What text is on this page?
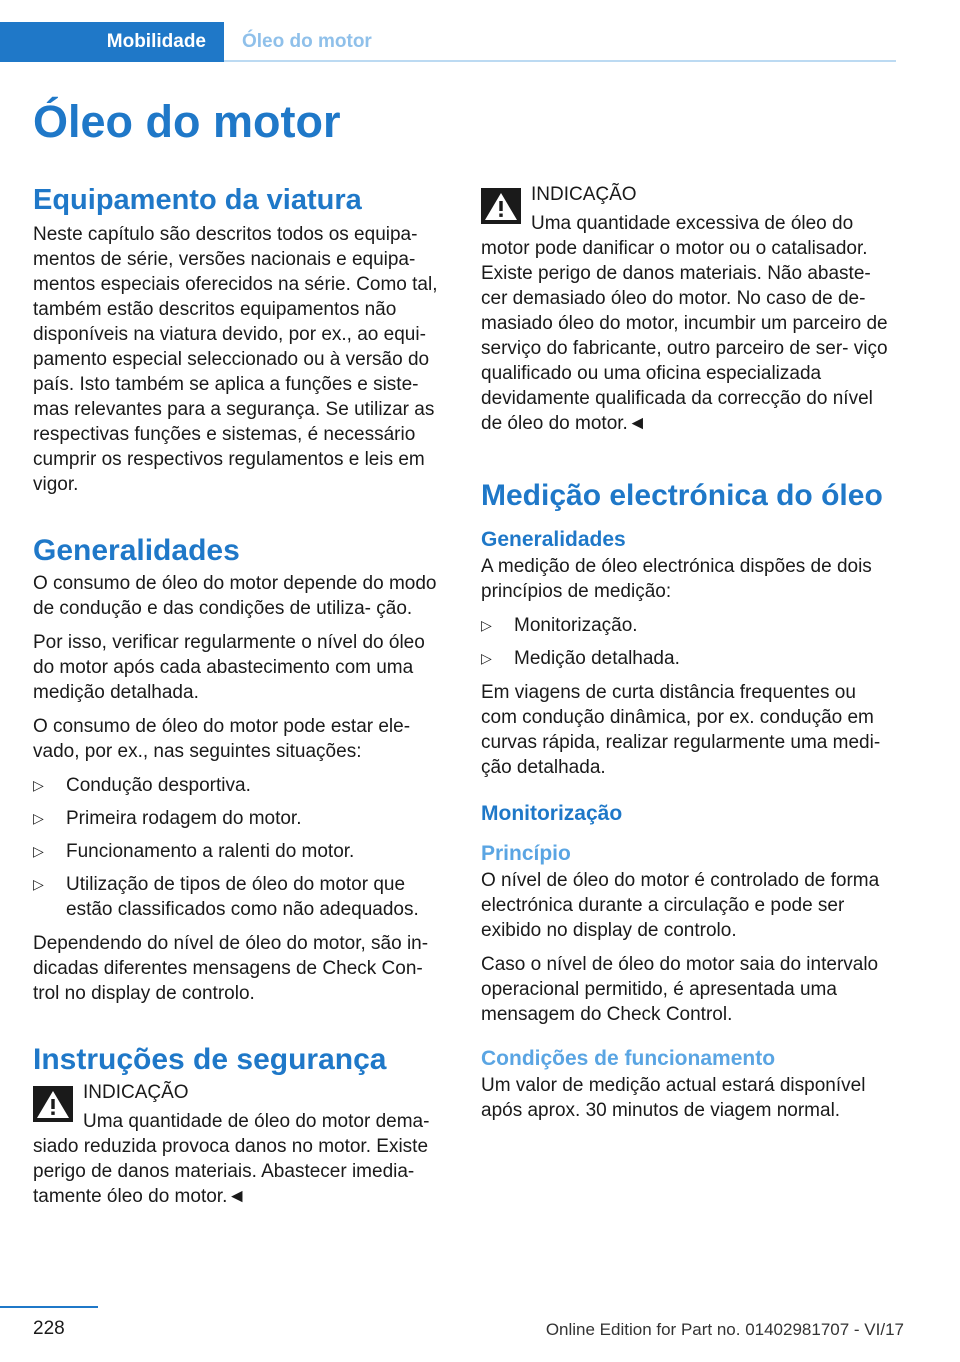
Mobilidade	Óleo do motor
Óleo do motor
Equipamento da viatura

Neste capítulo são descritos todos os equipa- mentos de série, versões nacionais e equipa- mentos especiais oferecidos na série. Como tal, também estão descritos equipamentos não disponíveis na viatura devido, por ex., ao equi- pamento especial seleccionado ou à versão do país. Isto também se aplica a funções e siste- mas relevantes para a segurança. Se utilizar as respectivas funções e sistemas, é necessário cumprir os respectivos regulamentos e leis em vigor.

Generalidades

O consumo de óleo do motor depende do modo de condução e das condições de utiliza- ção.

Por isso, verificar regularmente o nível do óleo do motor após cada abastecimento com uma medição detalhada.

O consumo de óleo do motor pode estar ele- vado, por ex., nas seguintes situações:

▷ Condução desportiva.
▷ Primeira rodagem do motor.
▷ Funcionamento a ralenti do motor.
▷ Utilização de tipos de óleo do motor que estão classificados como não adequados.

Dependendo do nível de óleo do motor, são in- dicadas diferentes mensagens de Check Con- trol no display de controlo.

Instruções de segurança

INDICAÇÃO

Uma quantidade de óleo do motor dema-

siado reduzida provoca danos no motor. Existe perigo de danos materiais. Abastecer imedia- tamente óleo do motor.◄

INDICAÇÃO

Uma quantidade excessiva de óleo do

motor pode danificar o motor ou o catalisador. Existe perigo de danos materiais. Não abaste- cer demasiado óleo do motor. No caso de de- masiado óleo do motor, incumbir um parceiro de serviço do fabricante, outro parceiro de ser- viço qualificado ou uma oficina especializada devidamente qualificada da correcção do nível de óleo do motor.◄

Medição electrónica do óleo
Generalidades

A medição de óleo electrónica dispões de dois princípios de medição:

▷ Monitorização.
▷ Medição detalhada.

Em viagens de curta distância frequentes ou com condução dinâmica, por ex. condução em curvas rápida, realizar regularmente uma medi- ção detalhada.

Monitorização
Princípio

O nível de óleo do motor é controlado de forma electrónica durante a circulação e pode ser exibido no display de controlo.

Caso o nível de óleo do motor saia do intervalo operacional permitido, é apresentada uma mensagem do Check Control.

Condições de funcionamento

Um valor de medição actual estará disponível após aprox. 30 minutos de viagem normal.

228	Online Edition for Part no. 01402981707 - VI/17
